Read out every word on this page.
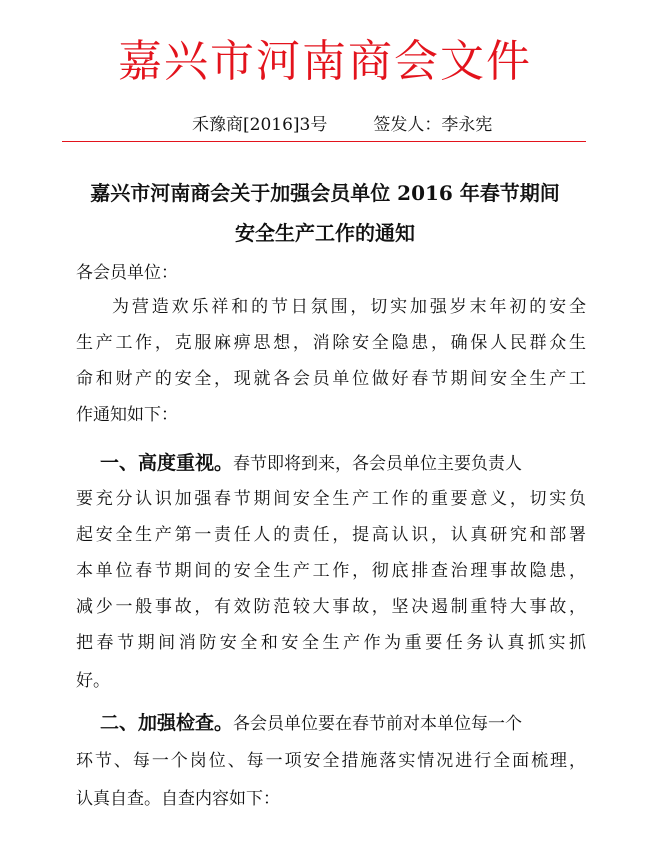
嘉兴市河南商会文件
禾豫商[2016]3号	签发人：李永宪
嘉兴市河南商会关于加强会员单位 2016 年春节期间
安全生产工作的通知
各会员单位：
为营造欢乐祥和的节日氛围，切实加强岁末年初的安全
生产工作，克服麻痹思想，消除安全隐患，确保人民群众生
命和财产的安全，现就各会员单位做好春节期间安全生产工
作通知如下：
一、高度重视。春节即将到来，各会员单位主要负责人
要充分认识加强春节期间安全生产工作的重要意义，切实负
起安全生产第一责任人的责任，提高认识，认真研究和部署
本单位春节期间的安全生产工作，彻底排查治理事故隐患，
减少一般事故，有效防范较大事故，坚决遏制重特大事故，
把春节期间消防安全和安全生产作为重要任务认真抓实抓
好。
二、加强检查。各会员单位要在春节前对本单位每一个
环节、每一个岗位、每一项安全措施落实情况进行全面梳理，
认真自查。自查内容如下：
